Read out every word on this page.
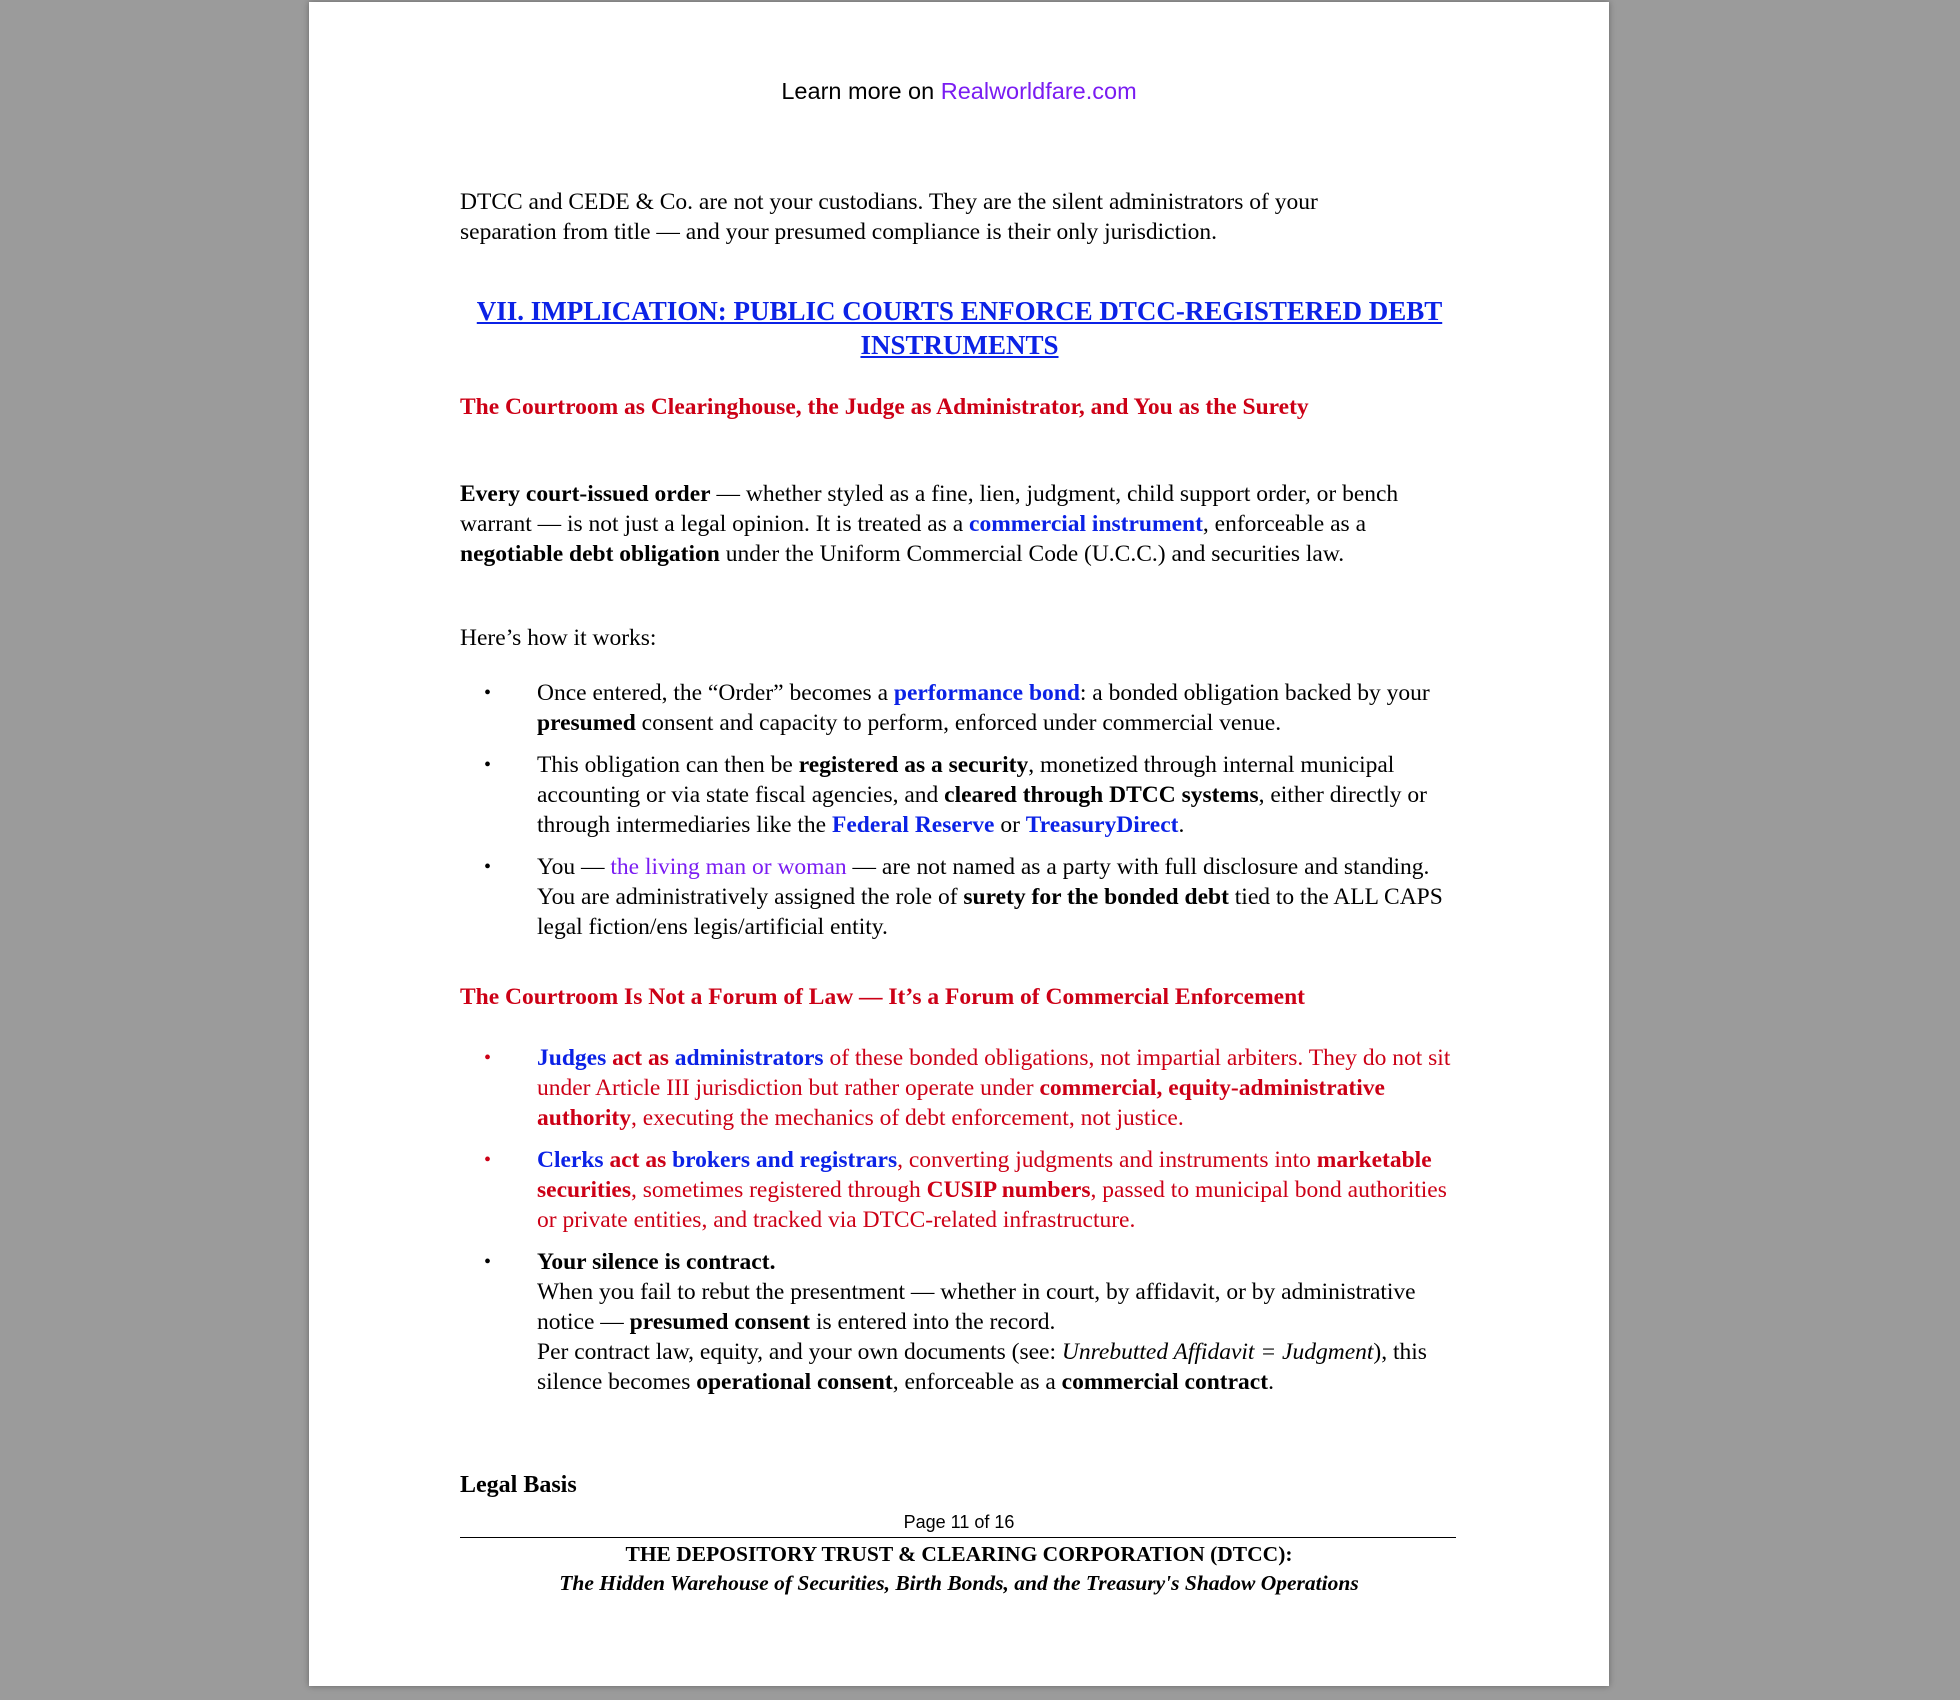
Learn more on Realworldfare.com

DTCC and CEDE & Co. are not your custodians. They are the silent administrators of your separation from title — and your presumed compliance is their only jurisdiction.

VII. IMPLICATION: PUBLIC COURTS ENFORCE DTCC-REGISTERED DEBT INSTRUMENTS
The Courtroom as Clearinghouse, the Judge as Administrator, and You as the Surety

Every court-issued order — whether styled as a fine, lien, judgment, child support order, or bench warrant — is not just a legal opinion. It is treated as a commercial instrument, enforceable as a negotiable debt obligation under the Uniform Commercial Code (U.C.C.) and securities law.

Here’s how it works:

•	Once entered, the “Order” becomes a performance bond: a bonded obligation backed by your presumed consent and capacity to perform, enforced under commercial venue.
•	This obligation can then be registered as a security, monetized through internal municipal accounting or via state fiscal agencies, and cleared through DTCC systems, either directly or through intermediaries like the Federal Reserve or TreasuryDirect.
•	You — the living man or woman — are not named as a party with full disclosure and standing. You are administratively assigned the role of surety for the bonded debt tied to the ALL CAPS legal fiction/ens legis/artificial entity.
The Courtroom Is Not a Forum of Law — It’s a Forum of Commercial Enforcement
•	Judges act as administrators of these bonded obligations, not impartial arbiters. They do not sit under Article III jurisdiction but rather operate under commercial, equity-administrative authority, executing the mechanics of debt enforcement, not justice.
•	Clerks act as brokers and registrars, converting judgments and instruments into marketable securities, sometimes registered through CUSIP numbers, passed to municipal bond authorities or private entities, and tracked via DTCC-related infrastructure.
•	Your silence is contract.
When you fail to rebut the presentment — whether in court, by affidavit, or by administrative notice — presumed consent is entered into the record.
Per contract law, equity, and your own documents (see: Unrebutted Affidavit = Judgment), this silence becomes operational consent, enforceable as a commercial contract.
Legal Basis
Page 11 of 16
THE DEPOSITORY TRUST & CLEARING CORPORATION (DTCC):
The Hidden Warehouse of Securities, Birth Bonds, and the Treasury's Shadow Operations
